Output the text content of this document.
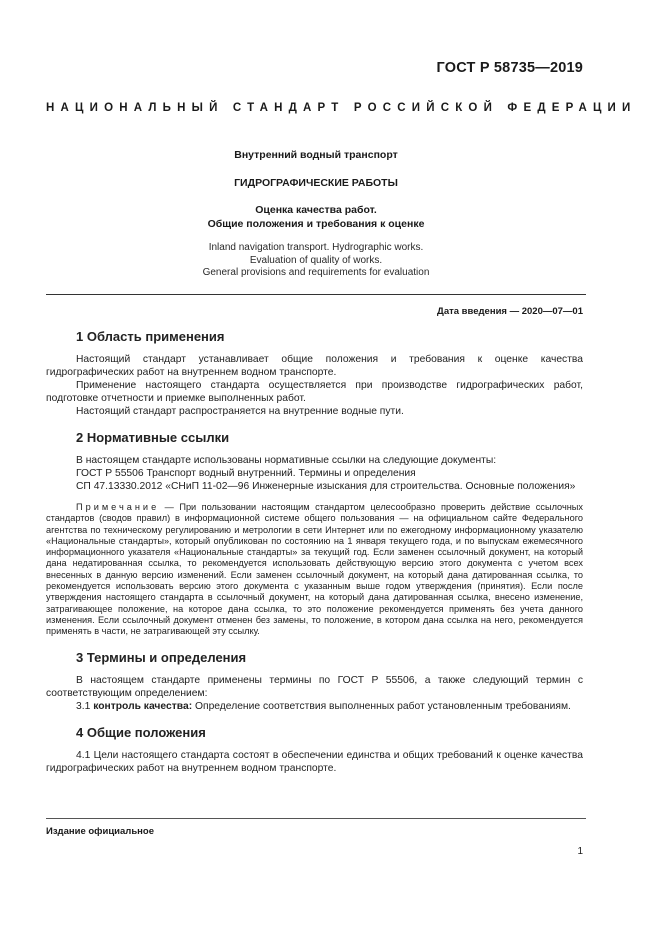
ГОСТ Р 58735—2019
НАЦИОНАЛЬНЫЙ СТАНДАРТ РОССИЙСКОЙ ФЕДЕРАЦИИ
Внутренний водный транспорт
ГИДРОГРАФИЧЕСКИЕ РАБОТЫ
Оценка качества работ.
Общие положения и требования к оценке
Inland navigation transport. Hydrographic works.
Evaluation of quality of works.
General provisions and requirements for evaluation
Дата введения — 2020—07—01
1 Область применения

Настоящий стандарт устанавливает общие положения и требования к оценке качества гидрографических работ на внутреннем водном транспорте.

Применение настоящего стандарта осуществляется при производстве гидрографических работ, подготовке отчетности и приемке выполненных работ.

Настоящий стандарт распространяется на внутренние водные пути.

2 Нормативные ссылки

В настоящем стандарте использованы нормативные ссылки на следующие документы:

ГОСТ Р 55506 Транспорт водный внутренний. Термины и определения

СП 47.13330.2012 «СНиП 11-02—96 Инженерные изыскания для строительства. Основные положения»

Примечание — При пользовании настоящим стандартом целесообразно проверить действие ссылочных стандартов (сводов правил) в информационной системе общего пользования — на официальном сайте Федерального агентства по техническому регулированию и метрологии в сети Интернет или по ежегодному информационному указателю «Национальные стандарты», который опубликован по состоянию на 1 января текущего года, и по выпускам ежемесячного информационного указателя «Национальные стандарты» за текущий год. Если заменен ссылочный документ, на который дана недатированная ссылка, то рекомендуется использовать действующую версию этого документа с учетом всех внесенных в данную версию изменений. Если заменен ссылочный документ, на который дана датированная ссылка, то рекомендуется использовать версию этого документа с указанным выше годом утверждения (принятия). Если после утверждения настоящего стандарта в ссылочный документ, на который дана датированная ссылка, внесено изменение, затрагивающее положение, на которое дана ссылка, то это положение рекомендуется применять без учета данного изменения. Если ссылочный документ отменен без замены, то положение, в котором дана ссылка на него, рекомендуется применять в части, не затрагивающей эту ссылку.
3 Термины и определения

В настоящем стандарте применены термины по ГОСТ Р 55506, а также следующий термин с соответствующим определением:

3.1 контроль качества: Определение соответствия выполненных работ установленным требованиям.

4 Общие положения

4.1 Цели настоящего стандарта состоят в обеспечении единства и общих требований к оценке качества гидрографических работ на внутреннем водном транспорте.

Издание официальное
1
